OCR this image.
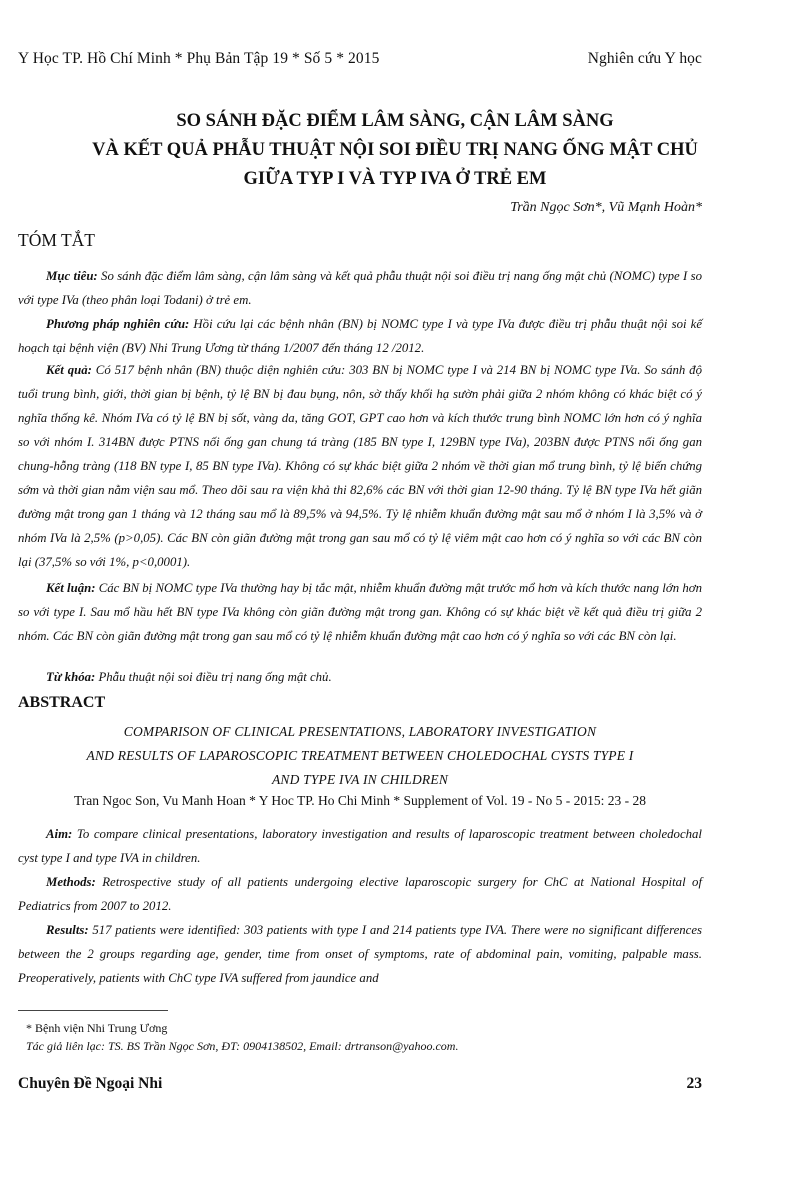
Y Học TP. Hồ Chí Minh * Phụ Bản Tập 19 * Số 5 * 2015	Nghiên cứu Y học
SO SÁNH ĐẶC ĐIỂM LÂM SÀNG, CẬN LÂM SÀNG
VÀ KẾT QUẢ PHẪU THUẬT NỘI SOI ĐIỀU TRỊ NANG ỐNG MẬT CHỦ
GIỮA TYP I VÀ TYP IVA Ở TRẺ EM
Trần Ngọc Sơn*, Vũ Mạnh Hoàn*
TÓM TẮT

Mục tiêu: So sánh đặc điểm lâm sàng, cận lâm sàng và kết quả phẫu thuật nội soi điều trị nang ống mật chủ (NOMC) type I so với type IVa (theo phân loại Todani) ở trẻ em.

Phương pháp nghiên cứu: Hồi cứu lại các bệnh nhân (BN) bị NOMC type I và type IVa được điều trị phẫu thuật nội soi kế hoạch tại bệnh viện (BV) Nhi Trung Ương từ tháng 1/2007 đến tháng 12 /2012.

Kết quả: Có 517 bệnh nhân (BN) thuộc diện nghiên cứu: 303 BN bị NOMC type I và 214 BN bị NOMC type IVa. So sánh độ tuổi trung bình, giới, thời gian bị bệnh, tỷ lệ BN bị đau bụng, nôn, sờ thấy khối hạ sườn phải giữa 2 nhóm không có khác biệt có ý nghĩa thống kê. Nhóm IVa có tỷ lệ BN bị sốt, vàng da, tăng GOT, GPT cao hơn và kích thước trung bình NOMC lớn hơn có ý nghĩa so với nhóm I. 314BN được PTNS nối ống gan chung tá tràng (185 BN type I, 129BN type IVa), 203BN được PTNS nối ống gan chung-hỗng tràng (118 BN type I, 85 BN type IVa). Không có sự khác biệt giữa 2 nhóm về thời gian mổ trung bình, tỷ lệ biến chứng sớm và thời gian nằm viện sau mổ. Theo dõi sau ra viện khả thi 82,6% các BN với thời gian 12-90 tháng. Tỷ lệ BN type IVa hết giãn đường mật trong gan 1 tháng và 12 tháng sau mổ là 89,5% và 94,5%. Tỷ lệ nhiễm khuẩn đường mật sau mổ ở nhóm I là 3,5% và ở nhóm IVa là 2,5% (p>0,05). Các BN còn giãn đường mật trong gan sau mổ có tỷ lệ viêm mật cao hơn có ý nghĩa so với các BN còn lại (37,5% so với 1%, p<0,0001).

Kết luận: Các BN bị NOMC type IVa thường hay bị tắc mật, nhiễm khuẩn đường mật trước mổ hơn và kích thước nang lớn hơn so với type I. Sau mổ hầu hết BN type IVa không còn giãn đường mật trong gan. Không có sự khác biệt về kết quả điều trị giữa 2 nhóm. Các BN còn giãn đường mật trong gan sau mổ có tỷ lệ nhiễm khuẩn đường mật cao hơn có ý nghĩa so với các BN còn lại.

Từ khóa: Phẫu thuật nội soi điều trị nang ống mật chủ.

ABSTRACT
COMPARISON OF CLINICAL PRESENTATIONS, LABORATORY INVESTIGATION
AND RESULTS OF LAPAROSCOPIC TREATMENT BETWEEN CHOLEDOCHAL CYSTS TYPE I
AND TYPE IVA IN CHILDREN
Tran Ngoc Son, Vu Manh Hoan * Y Hoc TP. Ho Chi Minh * Supplement of Vol. 19 - No 5 - 2015: 23 - 28

Aim: To compare clinical presentations, laboratory investigation and results of laparoscopic treatment between choledochal cyst type I and type IVA in children.

Methods: Retrospective study of all patients undergoing elective laparoscopic surgery for ChC at National Hospital of Pediatrics from 2007 to 2012.

Results: 517 patients were identified: 303 patients with type I and 214 patients type IVA. There were no significant differences between the 2 groups regarding age, gender, time from onset of symptoms, rate of abdominal pain, vomiting, palpable mass. Preoperatively, patients with ChC type IVA suffered from jaundice and

* Bệnh viện Nhi Trung Ương
Tác giả liên lạc: TS. BS Trần Ngọc Sơn, ĐT: 0904138502, Email: drtranson@yahoo.com.
Chuyên Đề Ngoại Nhi	23
